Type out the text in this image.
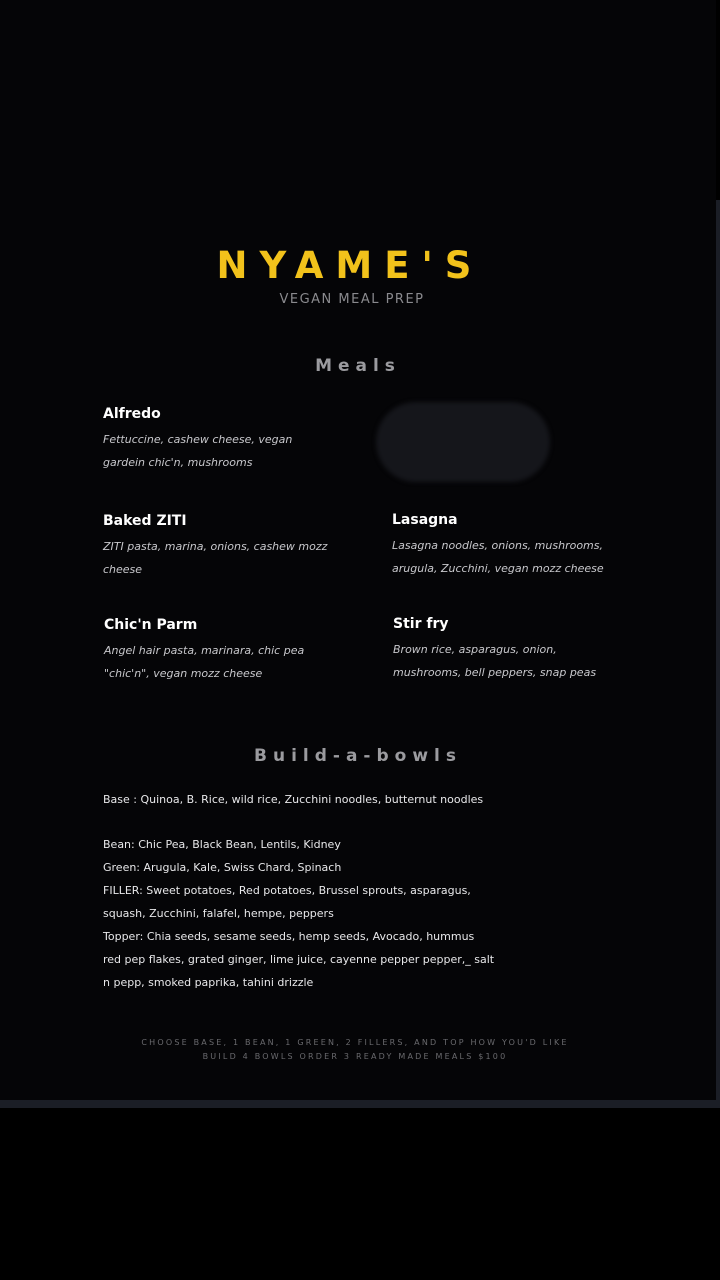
NYAME'S
VEGAN MEAL PREP
Meals
Alfredo
Fettuccine, cashew cheese, vegan
gardein chic'n, mushrooms
Baked ZITI
ZITI pasta, marina, onions, cashew mozz
cheese
Lasagna
Lasagna noodles, onions, mushrooms,
arugula, Zucchini, vegan mozz cheese
Chic'n Parm
Angel hair pasta, marinara, chic pea
"chic'n", vegan mozz cheese
Stir fry
Brown rice, asparagus, onion,
mushrooms, bell peppers, snap peas
Build-a-bowls
Base : Quinoa, B. Rice, wild rice, Zucchini noodles, butternut noodles
Bean: Chic Pea, Black Bean, Lentils, Kidney
Green: Arugula, Kale, Swiss Chard, Spinach
FILLER: Sweet potatoes, Red potatoes, Brussel sprouts, asparagus,
squash, Zucchini, falafel, hempe, peppers
Topper: Chia seeds, sesame seeds, hemp seeds, Avocado, hummus
red pep flakes, grated ginger, lime juice, cayenne pepper pepper,_ salt
n pepp, smoked paprika, tahini drizzle
CHOOSE BASE, 1 BEAN, 1 GREEN, 2 FILLERS, AND TOP HOW YOU'D LIKE
BUILD 4 BOWLS ORDER 3 READY MADE MEALS $100
